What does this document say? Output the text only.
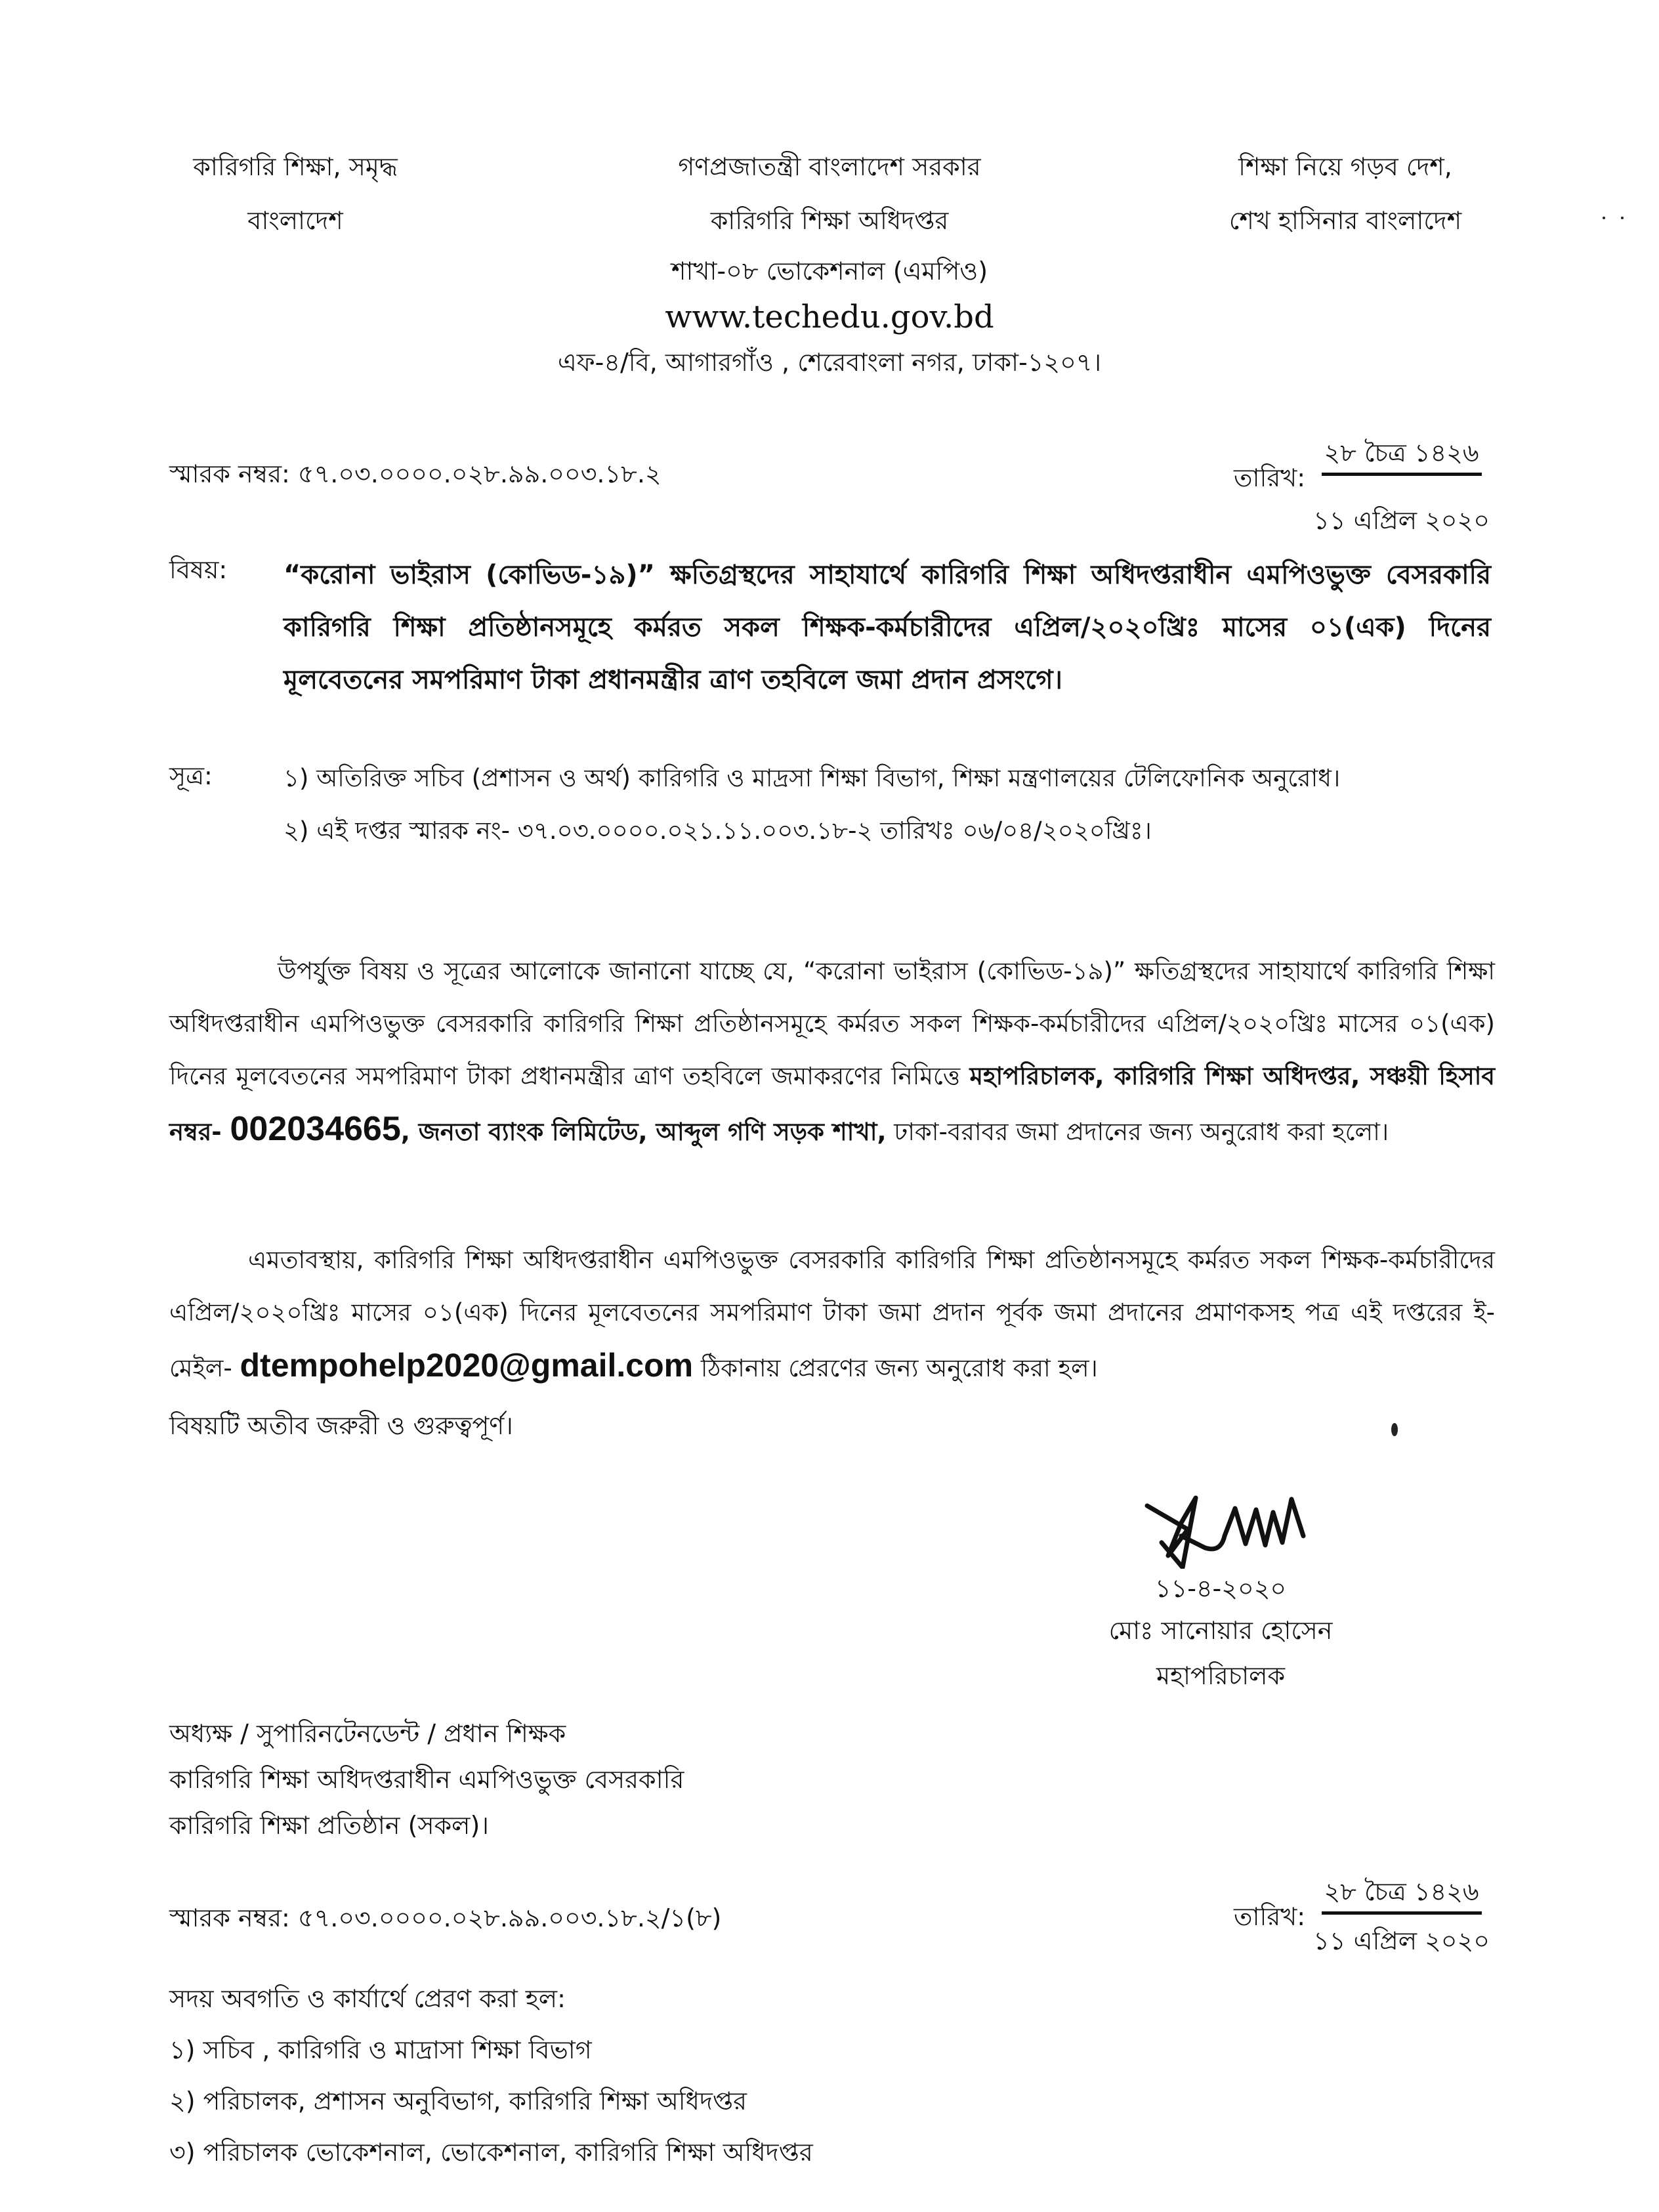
কারিগরি শিক্ষা, সমৃদ্ধ
বাংলাদেশ
গণপ্রজাতন্ত্রী বাংলাদেশ সরকার
কারিগরি শিক্ষা অধিদপ্তর
শাখা-০৮ ভোকেশনাল (এমপিও)
www.techedu.gov.bd
এফ-৪/বি, আগারগাঁও , শেরেবাংলা নগর, ঢাকা-১২০৭।
শিক্ষা নিয়ে গড়ব দেশ,
শেখ হাসিনার বাংলাদেশ
স্মারক নম্বর: ৫৭.০৩.০০০০.০২৮.৯৯.০০৩.১৮.২	তারিখ: ২৮ চৈত্র ১৪২৬
১১ এপ্রিল ২০২০
বিষয়: “করোনা ভাইরাস (কোভিড-১৯)” ক্ষতিগ্রস্থদের সাহাযার্থে কারিগরি শিক্ষা অধিদপ্তরাধীন এমপিওভুক্ত বেসরকারি কারিগরি শিক্ষা প্রতিষ্ঠানসমূহে কর্মরত সকল শিক্ষক-কর্মচারীদের এপ্রিল/২০২০খ্রিঃ মাসের ০১(এক) দিনের মূলবেতনের সমপরিমাণ টাকা প্রধানমন্ত্রীর ত্রাণ তহবিলে জমা প্রদান প্রসংগে।
সূত্র:	১) অতিরিক্ত সচিব (প্রশাসন ও অর্থ) কারিগরি ও মাদ্রসা শিক্ষা বিভাগ, শিক্ষা মন্ত্রণালয়ের টেলিফোনিক অনুরোধ।
২) এই দপ্তর স্মারক নং- ৩৭.০৩.০০০০.০২১.১১.০০৩.১৮-২ তারিখঃ ০৬/০৪/২০২০খ্রিঃ।
উপর্যুক্ত বিষয় ও সূত্রের আলোকে জানানো যাচ্ছে যে, “করোনা ভাইরাস (কোভিড-১৯)” ক্ষতিগ্রস্থদের সাহাযার্থে কারিগরি শিক্ষা অধিদপ্তরাধীন এমপিওভুক্ত বেসরকারি কারিগরি শিক্ষা প্রতিষ্ঠানসমূহে কর্মরত সকল শিক্ষক-কর্মচারীদের এপ্রিল/২০২০খ্রিঃ মাসের ০১(এক) দিনের মূলবেতনের সমপরিমাণ টাকা প্রধানমন্ত্রীর ত্রাণ তহবিলে জমাকরণের নিমিত্তে মহাপরিচালক, কারিগরি শিক্ষা অধিদপ্তর, সঞ্চয়ী হিসাব নম্বর- 002034665, জনতা ব্যাংক লিমিটেড, আব্দুল গণি সড়ক শাখা, ঢাকা-বরাবর জমা প্রদানের জন্য অনুরোধ করা হলো।
এমতাবস্থায়, কারিগরি শিক্ষা অধিদপ্তরাধীন এমপিওভুক্ত বেসরকারি কারিগরি শিক্ষা প্রতিষ্ঠানসমূহে কর্মরত সকল শিক্ষক-কর্মচারীদের এপ্রিল/২০২০খ্রিঃ মাসের ০১(এক) দিনের মূলবেতনের সমপরিমাণ টাকা জমা প্রদান পূর্বক জমা প্রদানের প্রমাণকসহ পত্র এই দপ্তরের ই-মেইল- dtempohelp2020@gmail.com ঠিকানায় প্রেরণের জন্য অনুরোধ করা হল।
বিষয়টি অতীব জরুরী ও গুরুত্বপূর্ণ।
১১-৪-২০২০
মোঃ সানোয়ার হোসেন
মহাপরিচালক
অধ্যক্ষ / সুপারিনটেনডেন্ট / প্রধান শিক্ষক
কারিগরি শিক্ষা অধিদপ্তরাধীন এমপিওভুক্ত বেসরকারি
কারিগরি শিক্ষা প্রতিষ্ঠান (সকল)।
স্মারক নম্বর: ৫৭.০৩.০০০০.০২৮.৯৯.০০৩.১৮.২/১(৮)	তারিখ: ২৮ চৈত্র ১৪২৬
১১ এপ্রিল ২০২০
সদয় অবগতি ও কার্যার্থে প্রেরণ করা হল:
১) সচিব , কারিগরি ও মাদ্রাসা শিক্ষা বিভাগ
২) পরিচালক, প্রশাসন অনুবিভাগ, কারিগরি শিক্ষা অধিদপ্তর
৩) পরিচালক ভোকেশনাল, ভোকেশনাল, কারিগরি শিক্ষা অধিদপ্তর
